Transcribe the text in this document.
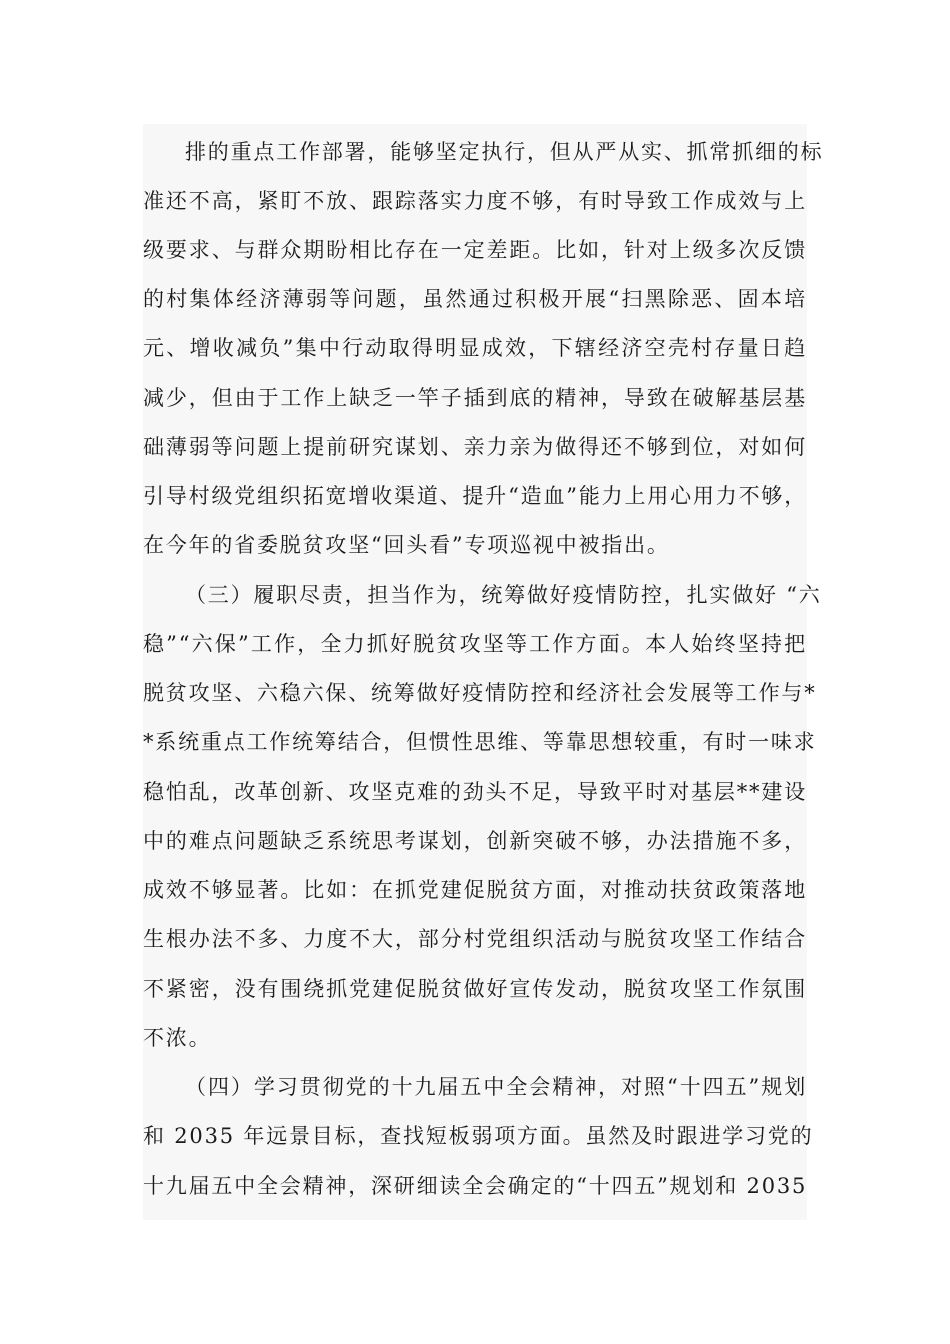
排的重点工作部署，能够坚定执行，但从严从实、抓常抓细的标
准还不高，紧盯不放、跟踪落实力度不够，有时导致工作成效与上
级要求、与群众期盼相比存在一定差距。比如，针对上级多次反馈
的村集体经济薄弱等问题，虽然通过积极开展“扫黑除恶、固本培
元、增收减负”集中行动取得明显成效，下辖经济空壳村存量日趋
减少，但由于工作上缺乏一竿子插到底的精神，导致在破解基层基
础薄弱等问题上提前研究谋划、亲力亲为做得还不够到位，对如何
引导村级党组织拓宽增收渠道、提升“造血”能力上用心用力不够，
在今年的省委脱贫攻坚“回头看”专项巡视中被指出。
（三）履职尽责，担当作为，统筹做好疫情防控，扎实做好 “六
稳”“六保”工作，全力抓好脱贫攻坚等工作方面。本人始终坚持把
脱贫攻坚、六稳六保、统筹做好疫情防控和经济社会发展等工作与*
*系统重点工作统筹结合，但惯性思维、等靠思想较重，有时一味求
稳怕乱，改革创新、攻坚克难的劲头不足，导致平时对基层**建设
中的难点问题缺乏系统思考谋划，创新突破不够，办法措施不多，
成效不够显著。比如：在抓党建促脱贫方面，对推动扶贫政策落地
生根办法不多、力度不大，部分村党组织活动与脱贫攻坚工作结合
不紧密，没有围绕抓党建促脱贫做好宣传发动，脱贫攻坚工作氛围
不浓。
（四）学习贯彻党的十九届五中全会精神，对照“十四五”规划
和 2035 年远景目标，查找短板弱项方面。虽然及时跟进学习党的
十九届五中全会精神，深研细读全会确定的“十四五”规划和 2035
